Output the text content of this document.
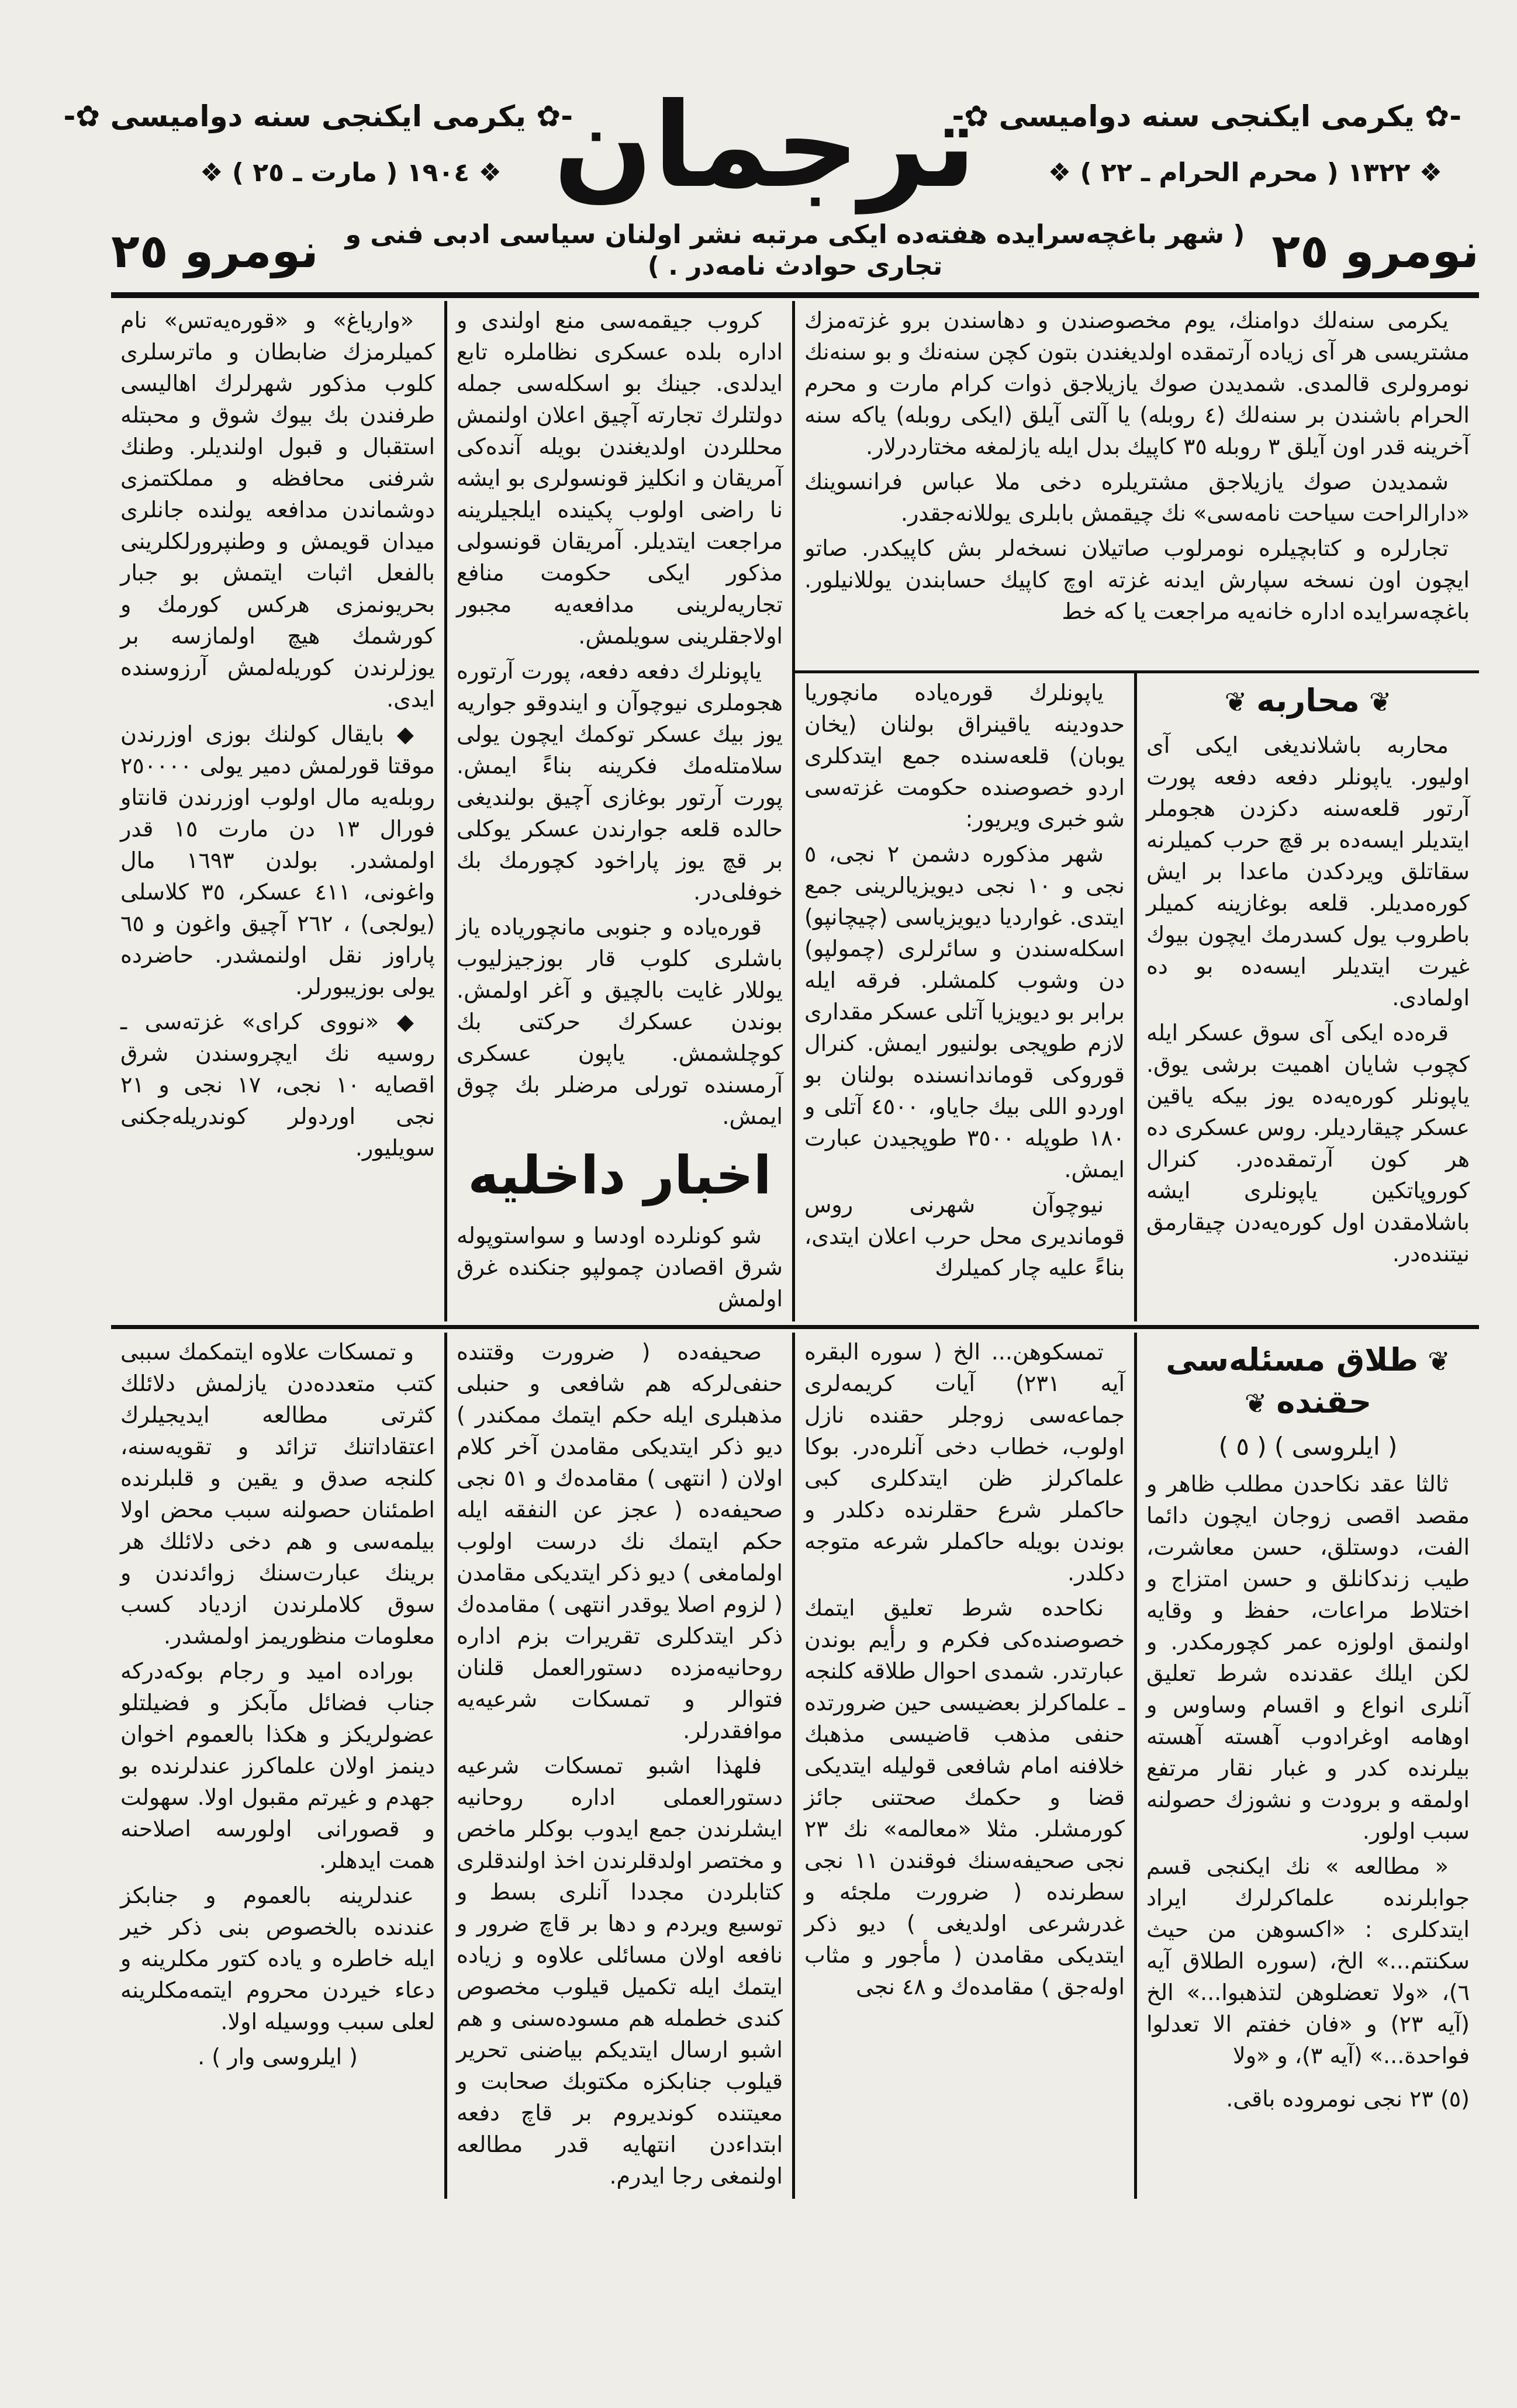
ترجمان
-✿ یکرمی ایکنجی سنه دوامیسی ✿-	-✿ یکرمی ایکنجی سنه دوامیسی ✿-
❖ ١٩٠٤ ( مارت ـ ٢٥ ) ❖	❖ ١٣٢٢ ( محرم الحرام ـ ٢٢ ) ❖
نومرو ٢٥
( شهر باغچه‌سرایده هفته‌ده ایکی مرتبه نشر اولنان سیاسی ادبی فنی و تجاری حوادث نامه‌در . )
نومرو ٢٥

«واریاغ» و «قوره‌یه‌تس» نام کمیلرمزك ضابطان و ماترسلری کلوب مذکور شهرلرك اهالیسی طرفندن بك بیوك شوق و محبتله استقبال و قبول اولندیلر. وطنك شرفنی محافظه و مملکتمزی دوشماندن مدافعه یولنده جانلری میدان قویمش و وطنپرورلکلرینی بالفعل اثبات ایتمش بو جبار بحریونمزی هرکس کورمك و کورشمك هیچ اولمازسه بر یوزلرندن کوریله‌لمش آرزوسنده ایدی.

◆ بایقال کولنك بوزی اوزرندن موقتا قورلمش دمیر یولی ٢٥٠٠٠٠ روبله‌یه مال اولوب اوزرندن قانتاو فورال ١٣ دن مارت ١٥ قدر اولمشدر. بولدن ١٦٩٣ مال واغونی، ٤١١ عسکر، ٣٥ کلاسلی (یولجی) ، ٢٦٢ آچیق واغون و ٦٥ پاراوز نقل اولنمشدر. حاضرده یولی بوزیبورلر.

◆ «نووی کرای» غزته‌سی ـ روسیه نك ایچروسندن شرق اقصایه ١٠ نجی، ١٧ نجی و ٢١ نجی اوردولر کوندریله‌جکنی سویلیور.

کروب جیقمه‌سی منع اولندی و اداره بلده عسکری نظاملره تابع ایدلدی. جینك بو اسکله‌سی جمله دولتلرك تجارته آچیق اعلان اولنمش محللردن اولدیغندن بویله آنده‌کی آمریقان و انکلیز قونسولری بو ایشه نا راضی اولوب پکینده ایلجیلرینه مراجعت ایتدیلر. آمریقان قونسولی مذکور ایکی حکومت منافع تجاریه‌لرینی مدافعه‌یه مجبور اولاجقلرینی سویلمش.

یاپونلرك دفعه دفعه، پورت آرتوره هجوملری نیوچوآن و ایندوقو جواریه یوز بیك عسکر توکمك ایچون یولی سلامتله‌مك فکرینه بناءً ایمش. پورت آرتور بوغازی آچیق بولندیغی حالده قلعه جوارندن عسکر یوکلی بر قچ یوز پاراخود کچورمك بك خوفلی‌در.

قوره‌یاده و جنوبی مانچوریاده یاز باشلری کلوب قار بوزجیزلیوب یوللار غایت بالچیق و آغر اولمش. بوندن عسکرك حرکتی بك کوچلشمش. یاپون عسکری آرمسنده تورلی مرضلر بك چوق ایمش.

اخبار داخلیه

شو کونلرده اودسا و سواستوپوله شرق اقصادن چمولپو جنکنده غرق اولمش

یکرمی سنه‌لك دوامنك، یوم مخصوصندن و دها‌سندن برو غزته‌مزك مشتریسی هر آی زیاده آرتمقده اولدیغندن بتون کچن سنه‌نك و بو سنه‌نك نومرولری قالمدی. شمدیدن صوك یازیلاجق ذوات کرام مارت و محرم الحرام باشندن بر سنه‌لك (٤ روبله) یا آلتی آیلق (ایکی روبله) یاکه سنه آخرینه قدر اون آیلق ٣ روبله ٣٥ کاپیك بدل ایله یازلمغه مختاردرلار.

شمدیدن صوك یازیلاجق مشتریلره دخی ملا عباس فرانسوینك «دارالراحت سیاحت نامه‌سی» نك چیقمش بابلری یوللانه‌جقدر.

تجارلره و کتابچیلره نومرلوب صاتیلان نسخه‌لر بش کاپیکدر. صاتو ایچون اون نسخه سپارش ایدنه غزته اوچ کاپیك حسابندن یوللانیلور. باغچه‌سرایده اداره خانه‌یه مراجعت یا که خط

یاپونلرك قوره‌یاده مانچوریا حدودینه یاقینراق بولنان (یخان یوبان) قلعه‌سنده جمع ایتدکلری اردو خصوصنده حکومت غزته‌سی شو خبری ویریور:

شهر مذکوره دشمن ٢ نجی، ٥ نجی و ١٠ نجی دیویزیالرینی جمع ایتدی. غواردیا دیویزیاسی (چیچانپو) اسکله‌سندن و سائرلری (چمولپو) دن وشوب کلمشلر. فرقه ایله برابر بو دیویزیا آتلی عسکر مقداری لازم طوپجی بولنیور ایمش. کنرال قوروکی قوماندانسنده بولنان بو اوردو اللی بیك جایاو، ٤٥٠٠ آتلی و ١٨٠ طوپله ٣٥٠٠ طوپجیدن عبارت ایمش.

نیوچوآن شهرنی روس قوماندیری محل حرب اعلان ایتدی، بناءً علیه چار کمیلرك

❦ محاربه ❦

محاربه باشلاندیغی ایکی آی اولیور. یاپونلر دفعه دفعه پورت آرتور قلعه‌سنه دکزدن هجوملر ایتدیلر ایسه‌ده بر قچ حرب کمیلرنه سقاتلق ویردکدن ماعدا بر ایش کوره‌مدیلر. قلعه بوغازینه کمیلر باطروب یول کسدرمك ایچون بیوك غیرت ایتدیلر ایسه‌ده بو ده اولمادی.

قره‌ده ایکی آی سوق عسکر ایله کچوب شایان اهمیت برشی یوق. یاپونلر کوره‌یه‌ده یوز بیکه یاقین عسکر چیقاردیلر. روس عسکری ده هر کون آرتمقده‌در. کنرال کوروپاتکین یاپونلری ایشه باشلامقدن اول کوره‌یه‌دن چیقارمق نیتنده‌در.

و تمسکات علاوه ایتمکمك سببی کتب متعدده‌دن یازلمش دلائلك کثرتی مطالعه ایدیجیلرك اعتقاداتنك تزائد و تقویه‌سنه، کلنجه صدق و یقین و قلبلرنده اطمئنان حصولنه سبب محض اولا بیلمه‌سی و هم دخی دلائلك هر برینك عبارت‌سنك زوائدندن و سوق کلاملرندن ازدیاد کسب معلومات منظوریمز اولمشدر.

بوراده امید و رجام بوکه‌درکه جناب فضائل مآبکز و فضیلتلو عضولریکز و هکذا بالعموم اخوان دینمز اولان علماکرز عندلرنده بو جهدم و غیرتم مقبول اولا. سهولت و قصورانی اولورسه اصلاحنه همت ایدهلر.

عندلرینه بالعموم و جنابکز عندنده بالخصوص بنی ذکر خیر ایله خاطره و یاده کتور مکلرینه و دعاء خیردن محروم ایتمه‌مکلرینه لعلی سبب ووسیله اولا.

( ایلروسی وار ) .

صحیفه‌ده ( ضرورت وقتنده حنفی‌لرکه هم شافعی و حنبلی مذهبلری ایله حکم ایتمك ممکندر ) دیو ذکر ایتدیکی مقامدن آخر کلام اولان ( انتهی ) مقامده‌ك و ٥١ نجی صحیفه‌ده ( عجز عن النفقه ایله حکم ایتمك نك درست اولوب اولمامغی ) دیو ذکر ایتدیکی مقامدن ( لزوم اصلا یوقدر انتهی ) مقامده‌ك ذکر ایتدکلری تقریرات بزم اداره روحانیه‌مزده دستورالعمل قلنان فتوالر و تمسکات شرعیه‌یه موافقدرلر.

فلهذا اشبو تمسکات شرعیه دستورالعملی اداره روحانیه ایشلرندن جمع ایدوب بوکلر ماخص و مختصر اولدقلرندن اخذ اولندقلری کتابلردن مجددا آنلری بسط و توسیع ویردم و دها بر قاچ ضرور و نافعه اولان مسائلی علاوه و زیاده ایتمك ایله تکمیل قیلوب مخصوص کندی خطمله هم مسوده‌سنی و هم اشبو ارسال ایتدیکم بیاضنی تحریر قیلوب جنابکزه مکتوبك صحابت و معیتنده کوندیروم بر قاچ دفعه ابتداءدن انتهایه قدر مطالعه اولنمغی رجا ایدرم.

تمسکوهن... الخ ( سوره البقره آیه ٢٣١) آیات کریمه‌لری جماعه‌سی زوجلر حقنده نازل اولوب، خطاب دخی آنلره‌در. بوکا علماکرلز ظن ایتدکلری کبی حاکملر شرع حقلرنده دکلدر و بوندن بویله حاکملر شرعه متوجه دکلدر.

نکاحده شرط تعلیق ایتمك خصوصنده‌کی فکرم و رأیم بوندن عبارتدر. شمدی احوال طلاقه کلنجه ـ علماکرلز بعضیسی حین ضرورتده حنفی مذهب قاضیسی مذهبك خلافنه امام شافعی قولیله ایتدیکی قضا و حکمك صحتنی جائز کورمشلر. مثلا «معالمه» نك ٢٣ نجی صحیفه‌سنك فوقندن ١١ نجی سطرنده ( ضرورت ملجئه و غدرشرعی اولدیغی ) دیو ذکر ایتدیکی مقامدن ( مأجور و مثاب اوله‌جق ) مقامده‌ك و ٤٨ نجی

❦ طلاق مسئله‌سی حقنده ❦
( ایلروسی ) ( ٥ )

ثالثا عقد نکاحدن مطلب ظاهر و مقصد اقصی زوجان ایچون دائما الفت، دوستلق، حسن معاشرت، طیب زندکانلق و حسن امتزاج و اختلاط مراعات، حفظ و وقایه اولنمق اولوزه عمر کچورمکدر. و لکن ایلك عقدنده شرط تعلیق آنلری انواع و اقسام وساوس و اوهامه اوغرادوب آهسته آهسته بیلرنده کدر و غبار نقار مرتفع اولمقه و برودت و نشوزك حصولنه سبب اولور.

« مطالعه » نك ایکنجی قسم جوابلرنده علماکرلرك ایراد ایتدکلری : «اکسوهن من حیث سکنتم...» الخ، (سوره الطلاق آیه ٦)، «ولا تعضلوهن لتذهبوا...» الخ (آیه ٢٣) و «فان خفتم الا تعدلوا فواحدة...» (آیه ٣)، و «ولا

(٥) ٢٣ نجی نومروده باقی.
